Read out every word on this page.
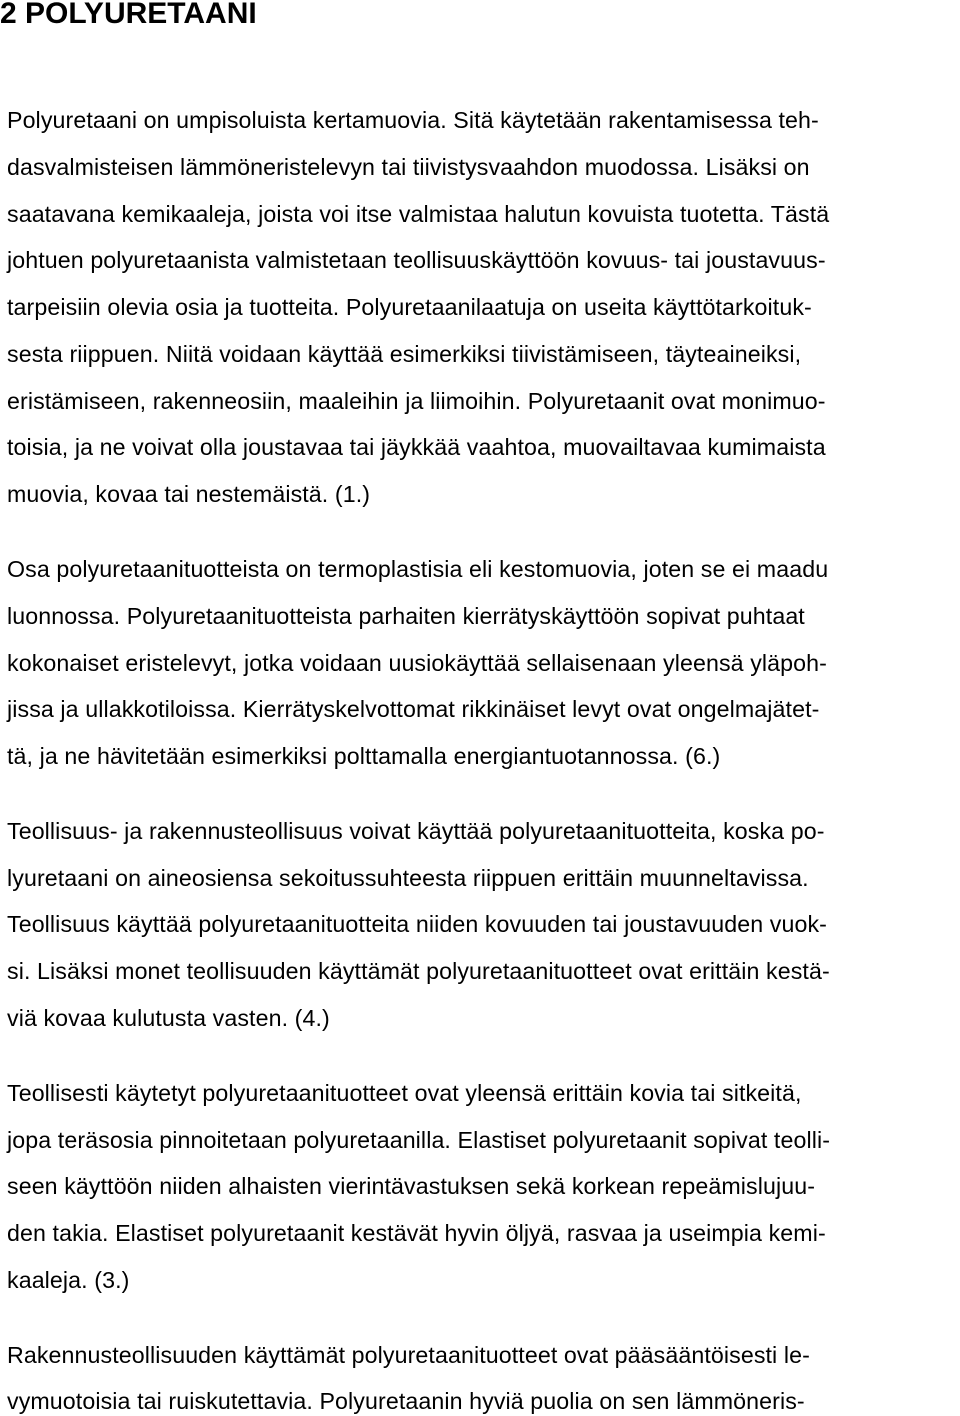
2 POLYURETAANI

Polyuretaani on umpisoluista kertamuovia. Sitä käytetään rakentamisessa teh-

dasvalmisteisen lämmöneristelevyn tai tiivistysvaahdon muodossa. Lisäksi on

saatavana kemikaaleja, joista voi itse valmistaa halutun kovuista tuotetta. Tästä

johtuen polyuretaanista valmistetaan teollisuuskäyttöön kovuus- tai joustavuus-

tarpeisiin olevia osia ja tuotteita. Polyuretaanilaatuja on useita käyttötarkoituk-

sesta riippuen. Niitä voidaan käyttää esimerkiksi tiivistämiseen, täyteaineiksi,

eristämiseen, rakenneosiin, maaleihin ja liimoihin. Polyuretaanit ovat monimuo-

toisia, ja ne voivat olla joustavaa tai jäykkää vaahtoa, muovailtavaa kumimaista

muovia, kovaa tai nestemäistä. (1.)

Osa polyuretaanituotteista on termoplastisia eli kestomuovia, joten se ei maadu

luonnossa. Polyuretaanituotteista parhaiten kierrätyskäyttöön sopivat puhtaat

kokonaiset eristelevyt, jotka voidaan uusiokäyttää sellaisenaan yleensä yläpoh-

jissa ja ullakkotiloissa. Kierrätyskelvottomat rikkinäiset levyt ovat ongelmajätet-

tä, ja ne hävitetään esimerkiksi polttamalla energiantuotannossa. (6.)

Teollisuus- ja rakennusteollisuus voivat käyttää polyuretaanituotteita, koska po-

lyuretaani on aineosiensa sekoitussuhteesta riippuen erittäin muunneltavissa.

Teollisuus käyttää polyuretaanituotteita niiden kovuuden tai joustavuuden vuok-

si. Lisäksi monet teollisuuden käyttämät polyuretaanituotteet ovat erittäin kestä-

viä kovaa kulutusta vasten. (4.)

Teollisesti käytetyt polyuretaanituotteet ovat yleensä erittäin kovia tai sitkeitä,

jopa teräsosia pinnoitetaan polyuretaanilla. Elastiset polyuretaanit sopivat teolli-

seen käyttöön niiden alhaisten vierintävastuksen sekä korkean repeämislujuu-

den takia. Elastiset polyuretaanit kestävät hyvin öljyä, rasvaa ja useimpia kemi-

kaaleja. (3.)

Rakennusteollisuuden käyttämät polyuretaanituotteet ovat pääsääntöisesti le-

vymuotoisia tai ruiskutettavia. Polyuretaanin hyviä puolia on sen lämmöneris-
